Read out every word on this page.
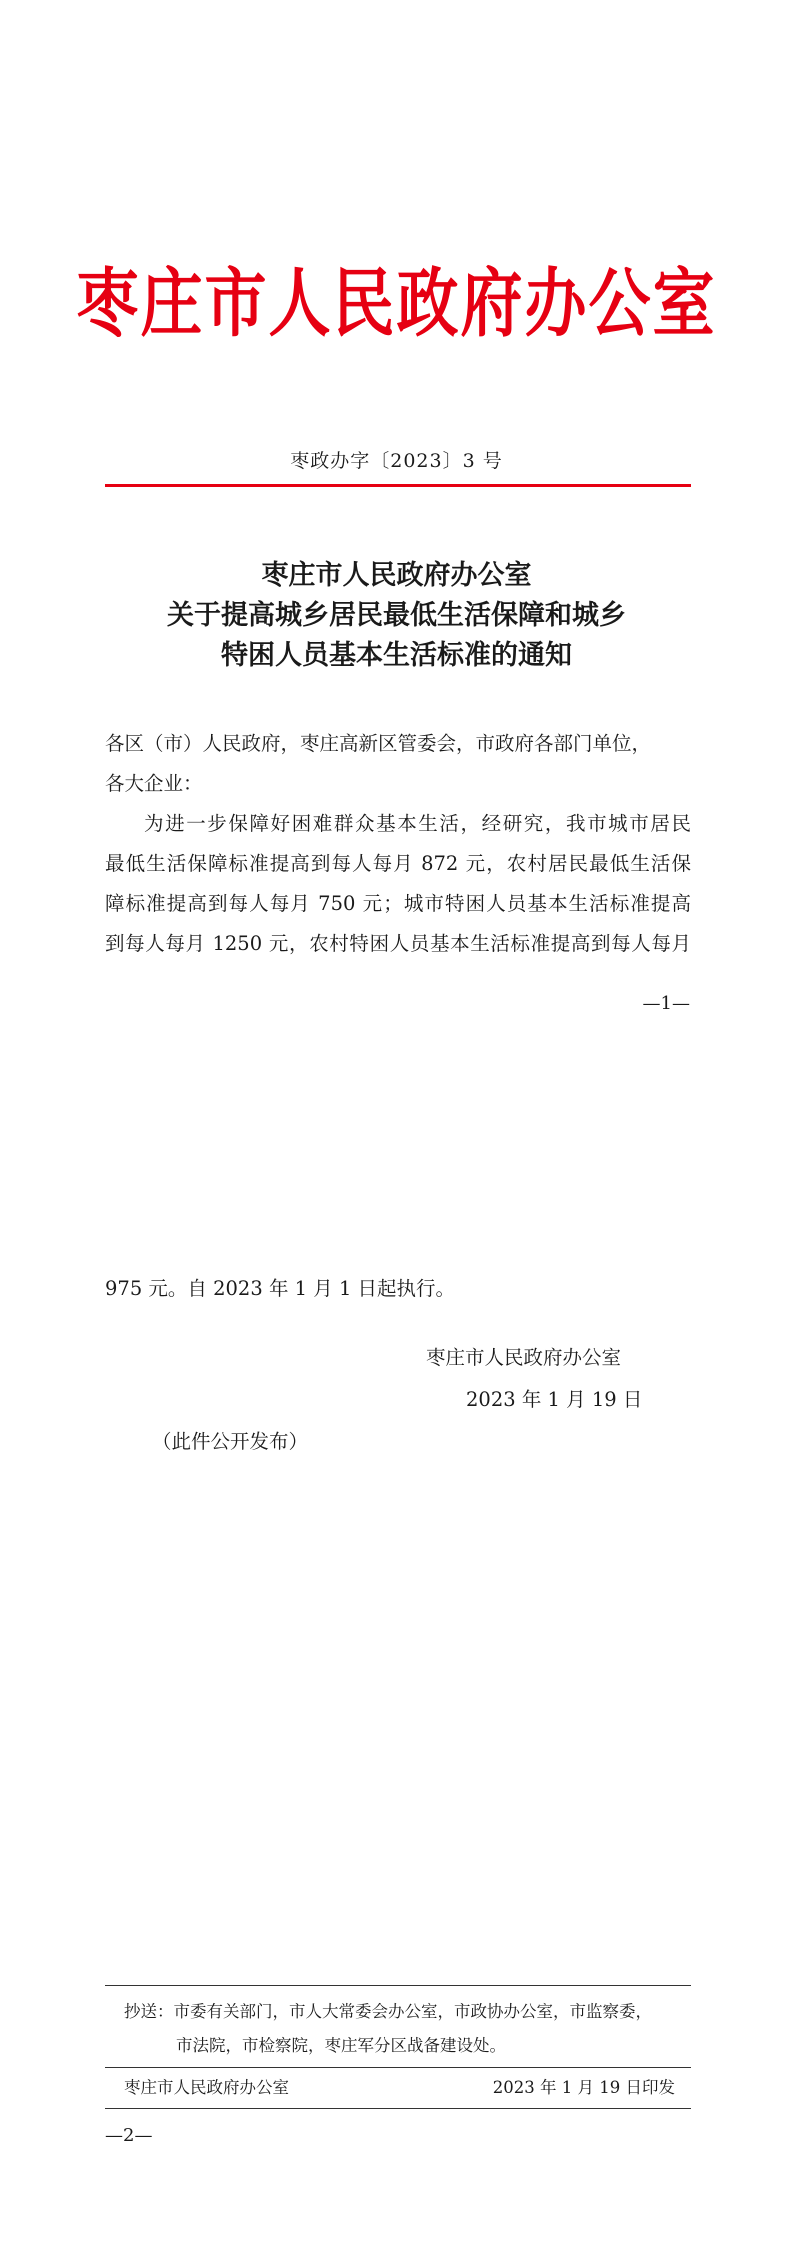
枣庄市人民政府办公室
枣政办字〔2023〕3 号
枣庄市人民政府办公室
关于提高城乡居民最低生活保障和城乡
特困人员基本生活标准的通知
各区（市）人民政府，枣庄高新区管委会，市政府各部门单位，
各大企业：
为进一步保障好困难群众基本生活，经研究，我市城市居民
最低生活保障标准提高到每人每月 872 元，农村居民最低生活保
障标准提高到每人每月 750 元；城市特困人员基本生活标准提高
到每人每月 1250 元，农村特困人员基本生活标准提高到每人每月
—1—
975 元。自 2023 年 1 月 1 日起执行。
枣庄市人民政府办公室
2023 年 1 月 19 日
（此件公开发布）
抄送：市委有关部门，市人大常委会办公室，市政协办公室，市监察委，
市法院，市检察院，枣庄军分区战备建设处。
枣庄市人民政府办公室	2023 年 1 月 19 日印发
—2—
